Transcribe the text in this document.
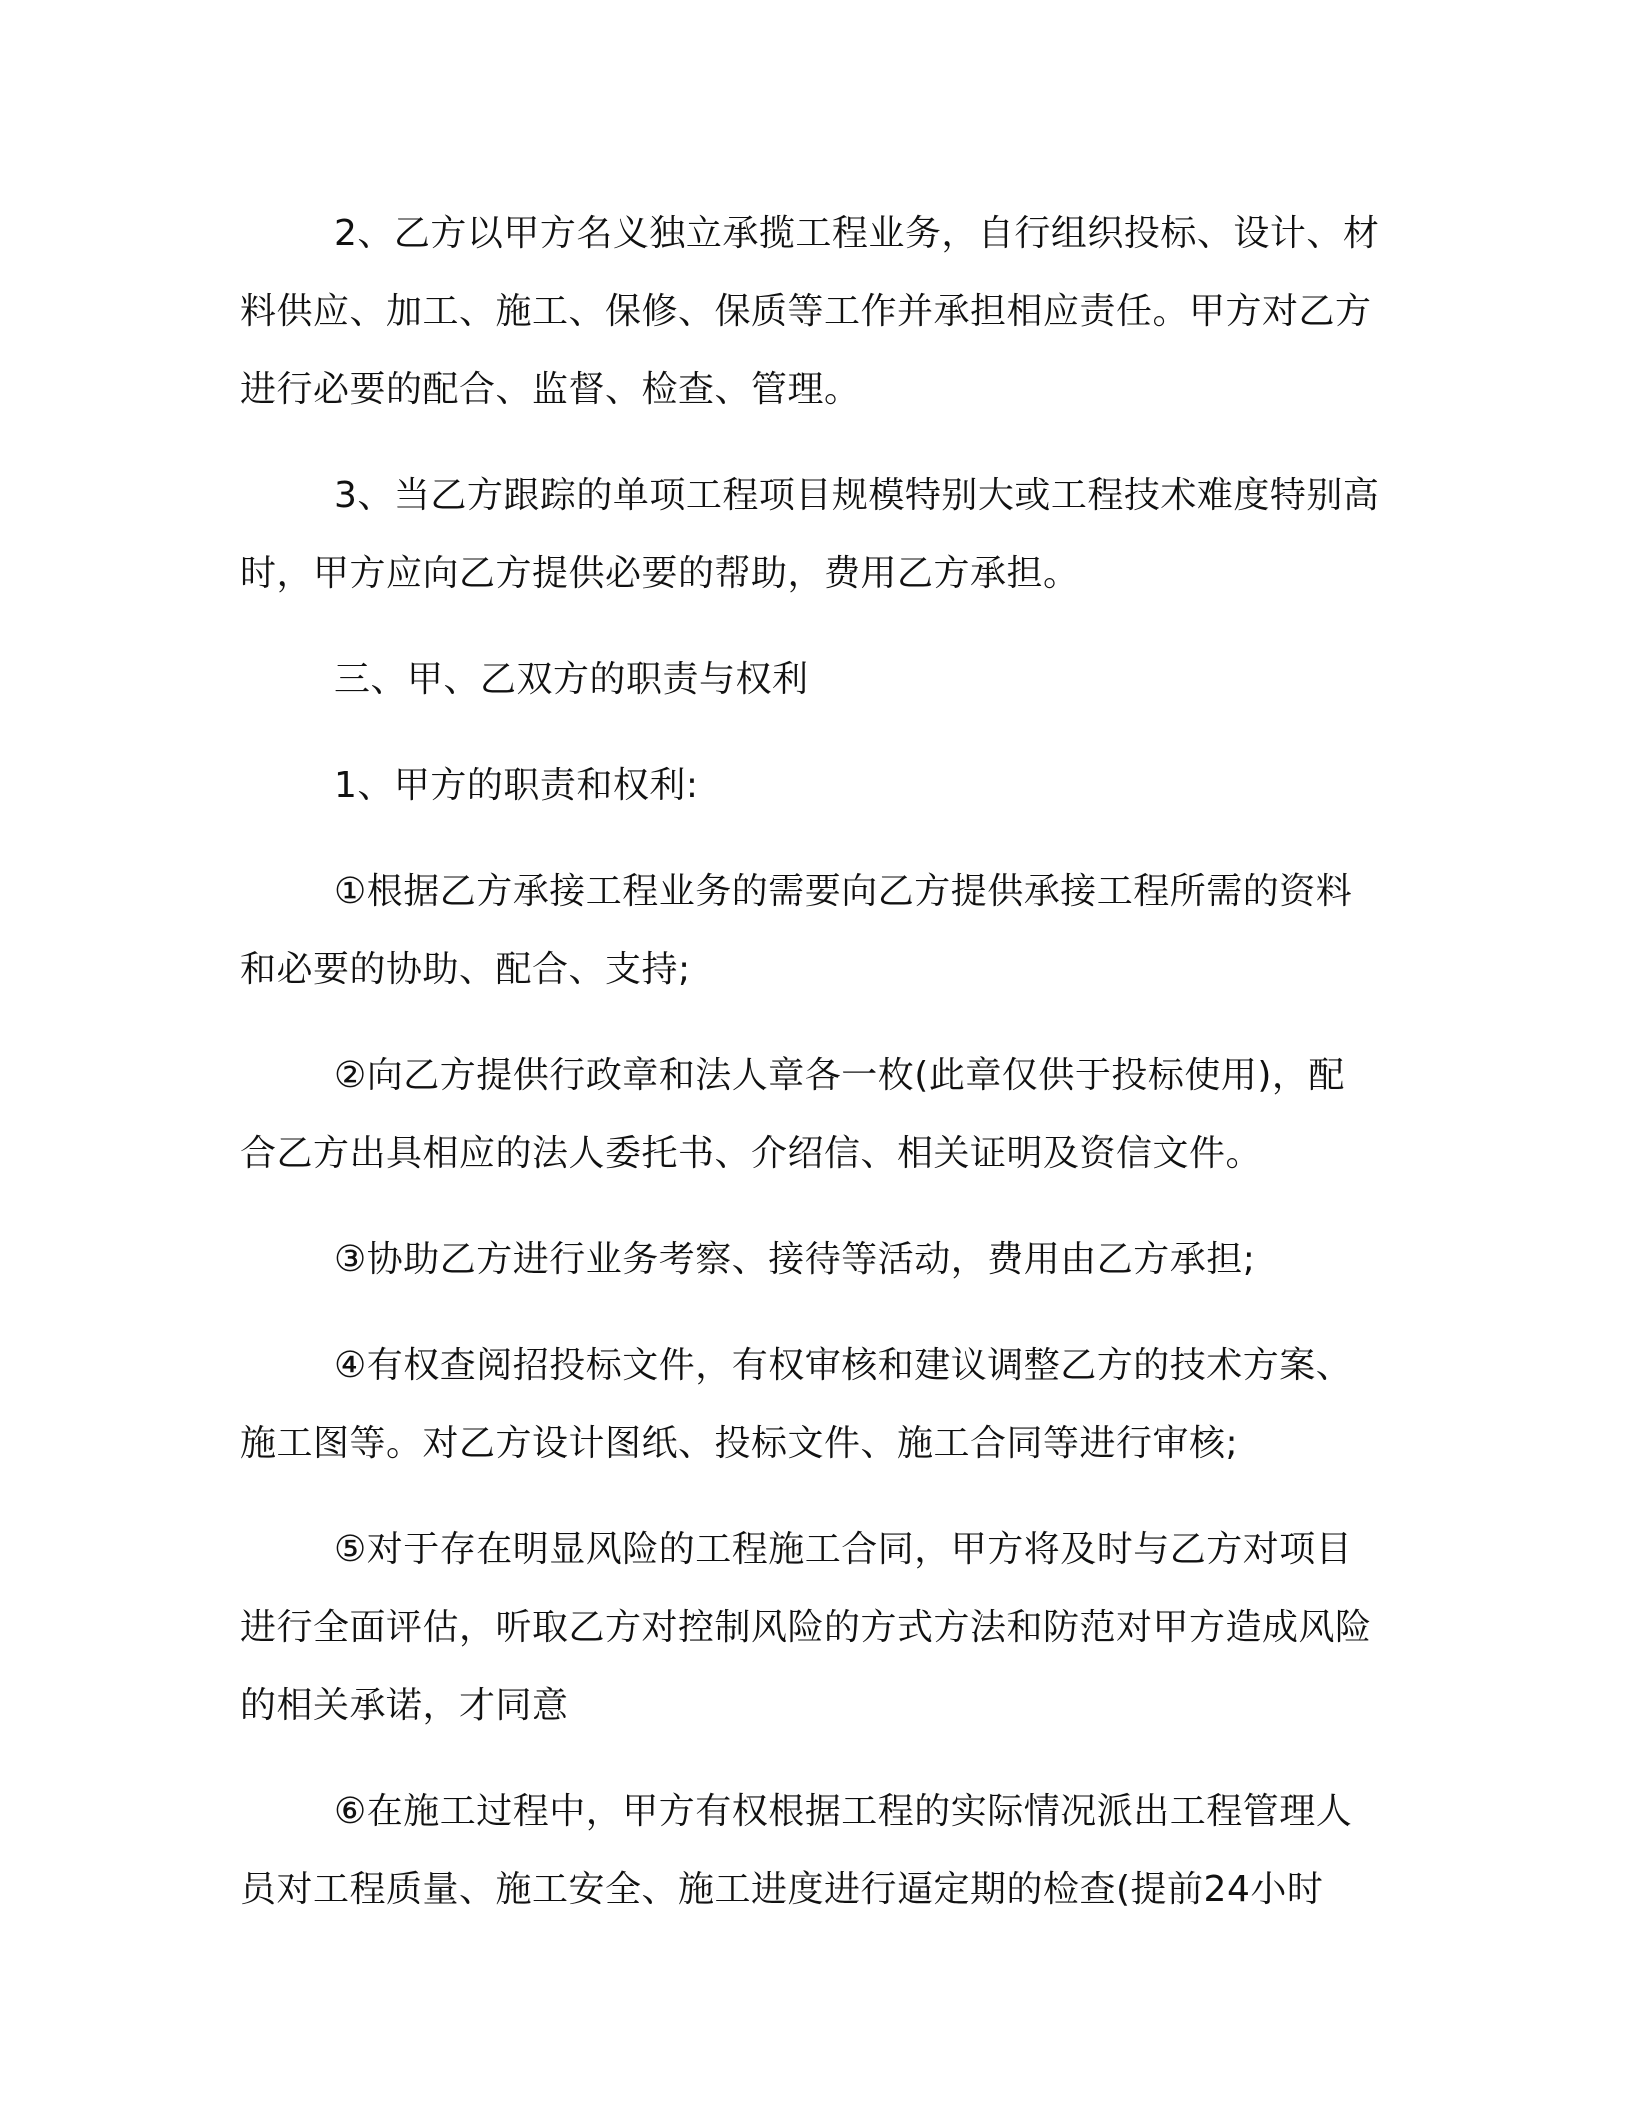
2、乙方以甲方名义独立承揽工程业务，自行组织投标、设计、材料供应、加工、施工、保修、保质等工作并承担相应责任。甲方对乙方进行必要的配合、监督、检查、管理。

3、当乙方跟踪的单项工程项目规模特别大或工程技术难度特别高时，甲方应向乙方提供必要的帮助，费用乙方承担。

三、甲、乙双方的职责与权利

1、甲方的职责和权利:

①根据乙方承接工程业务的需要向乙方提供承接工程所需的资料和必要的协助、配合、支持;

②向乙方提供行政章和法人章各一枚(此章仅供于投标使用)，配合乙方出具相应的法人委托书、介绍信、相关证明及资信文件。

③协助乙方进行业务考察、接待等活动，费用由乙方承担;

④有权查阅招投标文件，有权审核和建议调整乙方的技术方案、施工图等。对乙方设计图纸、投标文件、施工合同等进行审核;

⑤对于存在明显风险的工程施工合同，甲方将及时与乙方对项目进行全面评估，听取乙方对控制风险的方式方法和防范对甲方造成风险的相关承诺，才同意

⑥在施工过程中，甲方有权根据工程的实际情况派出工程管理人员对工程质量、施工安全、施工进度进行逼定期的检查(提前24小时
